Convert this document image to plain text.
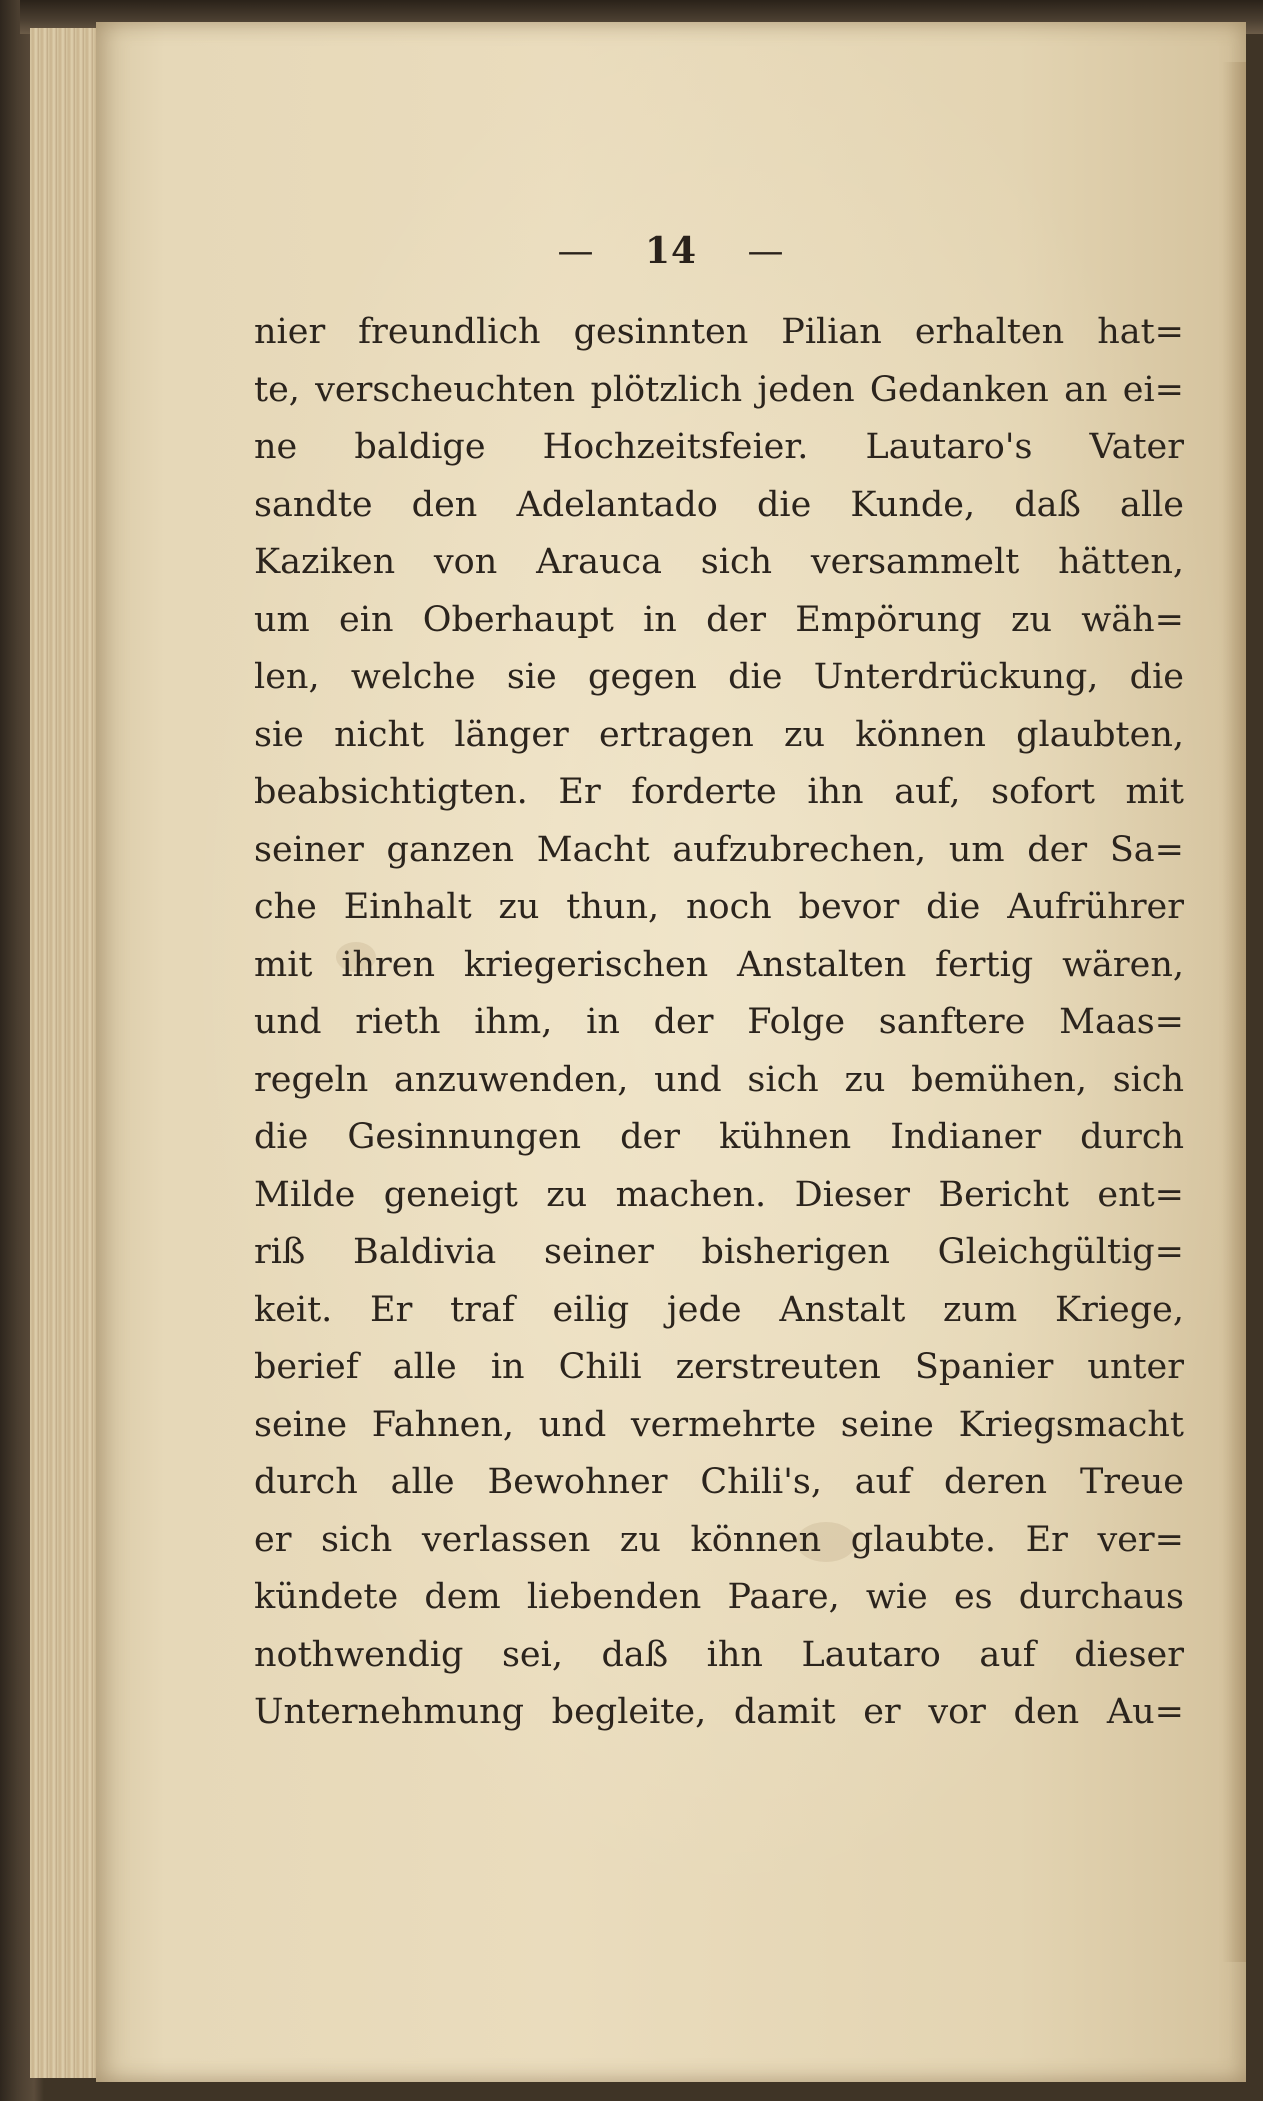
— 14 —
nier freundlich gesinnten Pilian erhalten hat=
te, verscheuchten plötzlich jeden Gedanken an ei=
ne baldige Hochzeitsfeier. Lautaro's Vater
sandte den Adelantado die Kunde, daß alle
Kaziken von Arauca sich versammelt hätten,
um ein Oberhaupt in der Empörung zu wäh=
len, welche sie gegen die Unterdrückung, die
sie nicht länger ertragen zu können glaubten,
beabsichtigten. Er forderte ihn auf, sofort mit
seiner ganzen Macht aufzubrechen, um der Sa=
che Einhalt zu thun, noch bevor die Aufrührer
mit ihren kriegerischen Anstalten fertig wären,
und rieth ihm, in der Folge sanftere Maas=
regeln anzuwenden, und sich zu bemühen, sich
die Gesinnungen der kühnen Indianer durch
Milde geneigt zu machen. Dieser Bericht ent=
riß Baldivia seiner bisherigen Gleichgültig=
keit. Er traf eilig jede Anstalt zum Kriege,
berief alle in Chili zerstreuten Spanier unter
seine Fahnen, und vermehrte seine Kriegsmacht
durch alle Bewohner Chili's, auf deren Treue
er sich verlassen zu können glaubte. Er ver=
kündete dem liebenden Paare, wie es durchaus
nothwendig sei, daß ihn Lautaro auf dieser
Unternehmung begleite, damit er vor den Au=
